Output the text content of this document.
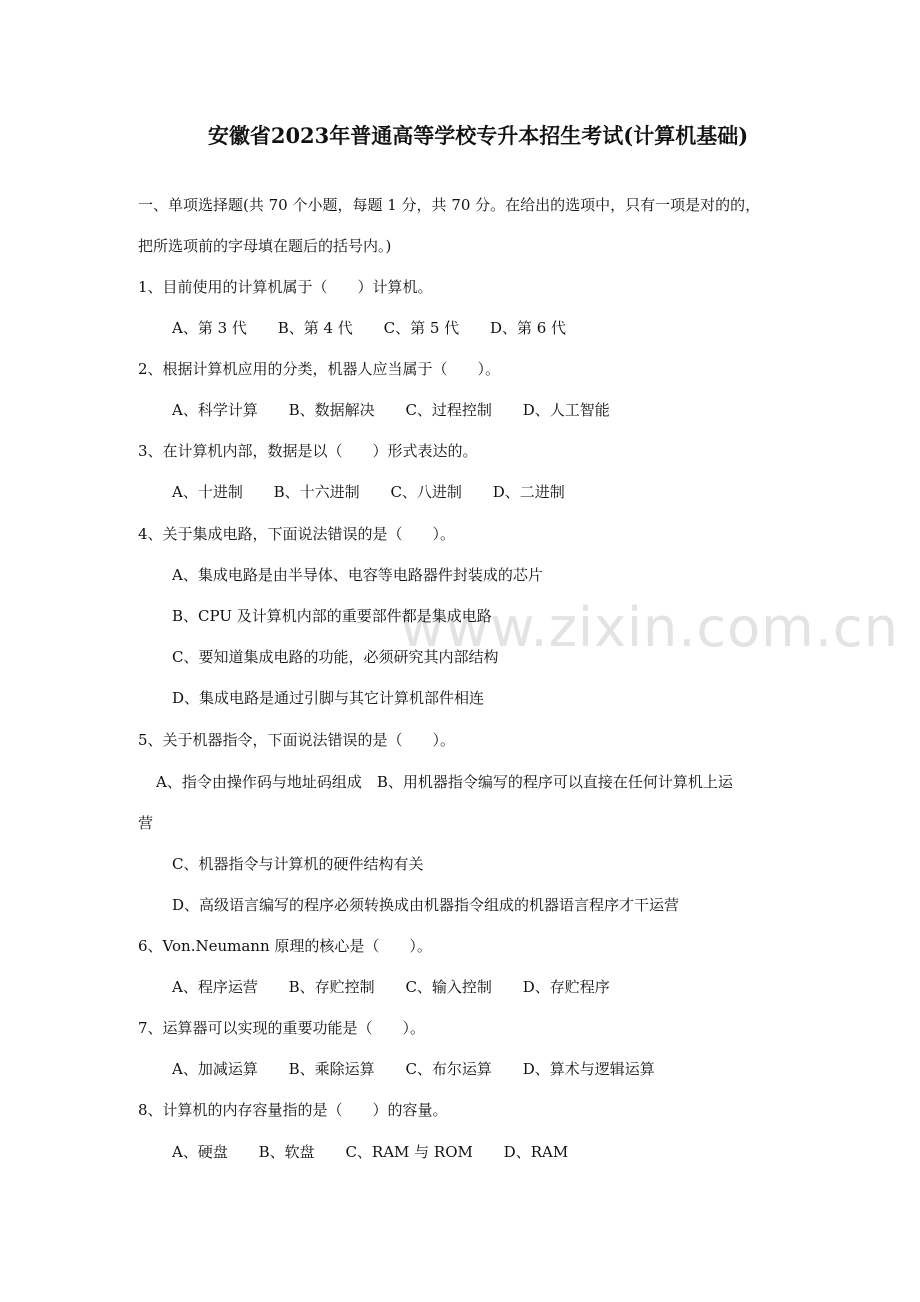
www.zixin.com.cn
安徽省2023年普通高等学校专升本招生考试(计算机基础)
一、单项选择题(共 70 个小题，每题 1 分，共 70 分。在给出的选项中，只有一项是对的的，
把所选项前的字母填在题后的括号内。)
1、目前使用的计算机属于（　　）计算机。
A、第 3 代 B、第 4 代 C、第 5 代 D、第 6 代
2、根据计算机应用的分类，机器人应当属于（　　）。
A、科学计算 B、数据解决 C、过程控制 D、人工智能
3、在计算机内部，数据是以（　　）形式表达的。
A、十进制 B、十六进制 C、八进制 D、二进制
4、关于集成电路，下面说法错误的是（　　）。
A、集成电路是由半导体、电容等电路器件封装成的芯片
B、CPU 及计算机内部的重要部件都是集成电路
C、要知道集成电路的功能，必须研究其内部结构
D、集成电路是通过引脚与其它计算机部件相连
5、关于机器指令，下面说法错误的是（　　）。
A、指令由操作码与地址码组成　B、用机器指令编写的程序可以直接在任何计算机上运
营
C、机器指令与计算机的硬件结构有关
D、高级语言编写的程序必须转换成由机器指令组成的机器语言程序才干运营
6、Von.Neumann 原理的核心是（　　）。
A、程序运营 B、存贮控制 C、输入控制 D、存贮程序
7、运算器可以实现的重要功能是（　　）。
A、加减运算 B、乘除运算 C、布尔运算 D、算术与逻辑运算
8、计算机的内存容量指的是（　　）的容量。
A、硬盘 B、软盘 C、RAM 与 ROM D、RAM
